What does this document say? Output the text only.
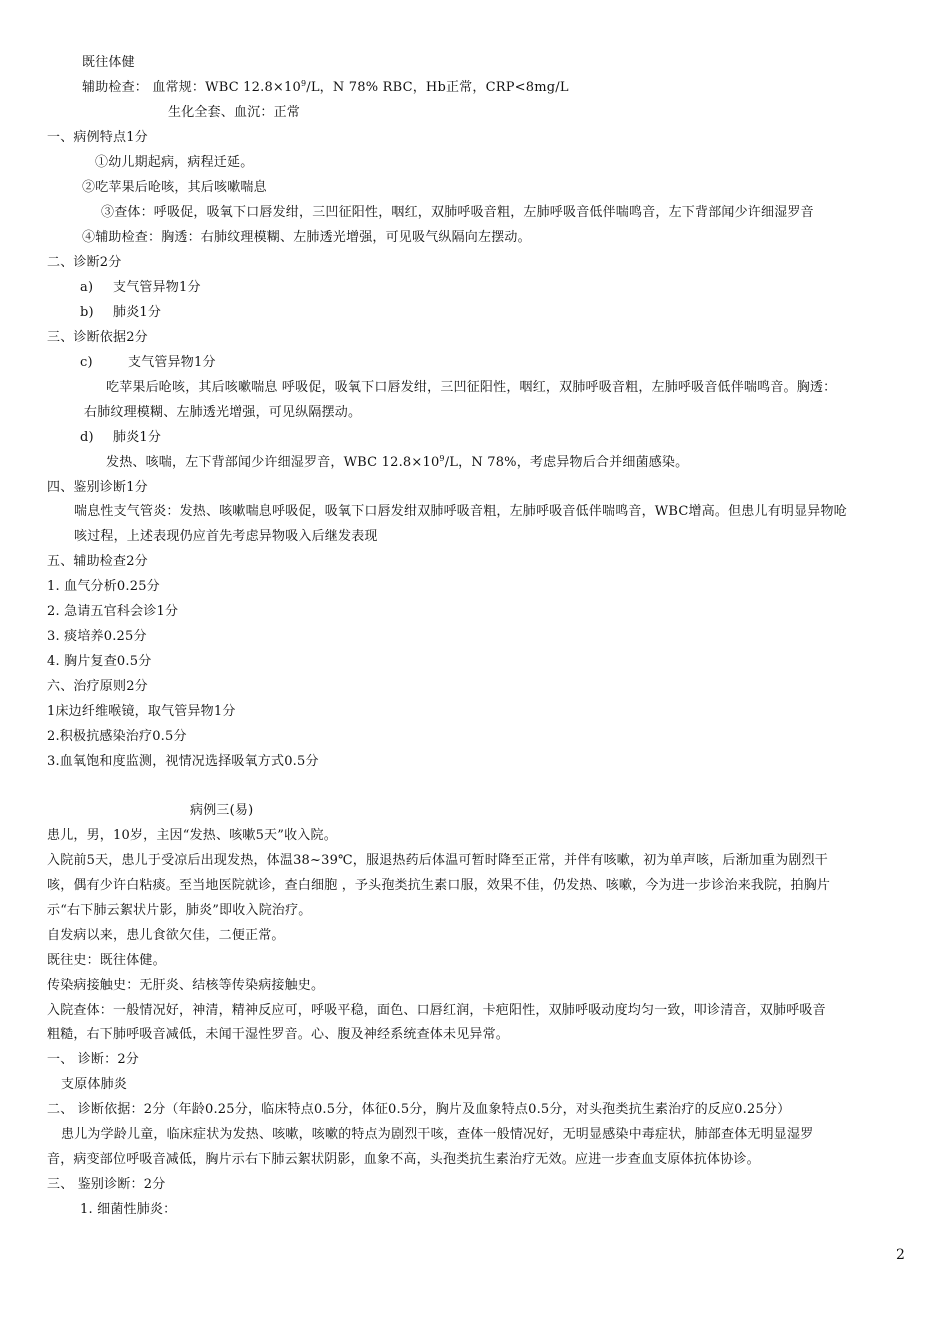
既往体健
辅助检查： 血常规：WBC $12.8\times 10^9/L$，N 78% RBC，Hb正常，CRP<8mg/L
生化全套、血沉：正常
一、病例特点1分
①幼儿期起病，病程迁延。
②吃苹果后呛咳，其后咳嗽喘息
③查体：呼吸促，吸氧下口唇发绀，三凹征阳性，咽红，双肺呼吸音粗，左肺呼吸音低伴喘鸣音，左下背部闻少许细湿罗音
④辅助检查：胸透：右肺纹理模糊、左肺透光增强，可见吸气纵隔向左摆动。
二、诊断2分
a) 支气管异物1分
b) 肺炎1分
三、诊断依据2分
c)	支气管异物1分
吃苹果后呛咳，其后咳嗽喘息 呼吸促，吸氧下口唇发绀，三凹征阳性，咽红，双肺呼吸音粗，左肺呼吸音低伴喘鸣音。胸透：
右肺纹理模糊、左肺透光增强，可见纵隔摆动。
d) 肺炎1分
发热、咳喘，左下背部闻少许细湿罗音，WBC $12.8\times 10^9/L$，N 78%，考虑异物后合并细菌感染。
四、鉴别诊断1分
喘息性支气管炎：发热、咳嗽喘息呼吸促，吸氧下口唇发绀双肺呼吸音粗，左肺呼吸音低伴喘鸣音，WBC增高。但患儿有明显异物呛
咳过程，上述表现仍应首先考虑异物吸入后继发表现
五、辅助检查2分
1. 血气分析0.25分
2. 急请五官科会诊1分
3. 痰培养0.25分
4. 胸片复查0.5分
六、治疗原则2分
1床边纤维喉镜，取气管异物1分
2.积极抗感染治疗0.5分
3.血氧饱和度监测，视情况选择吸氧方式0.5分
病例三(易)
患儿，男，10岁，主因“发热、咳嗽5天”收入院。
入院前5天，患儿于受凉后出现发热，体温38~39℃，服退热药后体温可暂时降至正常，并伴有咳嗽，初为单声咳，后渐加重为剧烈干
咳，偶有少许白粘痰。至当地医院就诊，查白细胞 ，予头孢类抗生素口服，效果不佳，仍发热、咳嗽，今为进一步诊治来我院，拍胸片
示“右下肺云絮状片影，肺炎”即收入院治疗。
自发病以来，患儿食欲欠佳，二便正常。
既往史：既往体健。
传染病接触史：无肝炎、结核等传染病接触史。
入院查体：一般情况好，神清，精神反应可，呼吸平稳，面色、口唇红润，卡疤阳性，双肺呼吸动度均匀一致，叩诊清音，双肺呼吸音
粗糙，右下肺呼吸音减低，未闻干湿性罗音。心、腹及神经系统查体未见异常。
一、 诊断：2分
支原体肺炎
二、 诊断依据：2分（年龄0.25分，临床特点0.5分，体征0.5分，胸片及血象特点0.5分，对头孢类抗生素治疗的反应0.25分）
患儿为学龄儿童，临床症状为发热、咳嗽，咳嗽的特点为剧烈干咳，查体一般情况好，无明显感染中毒症状，肺部查体无明显湿罗
音，病变部位呼吸音减低，胸片示右下肺云絮状阴影，血象不高，头孢类抗生素治疗无效。应进一步查血支原体抗体协诊。
三、 鉴别诊断：2分
1. 细菌性肺炎：
2
